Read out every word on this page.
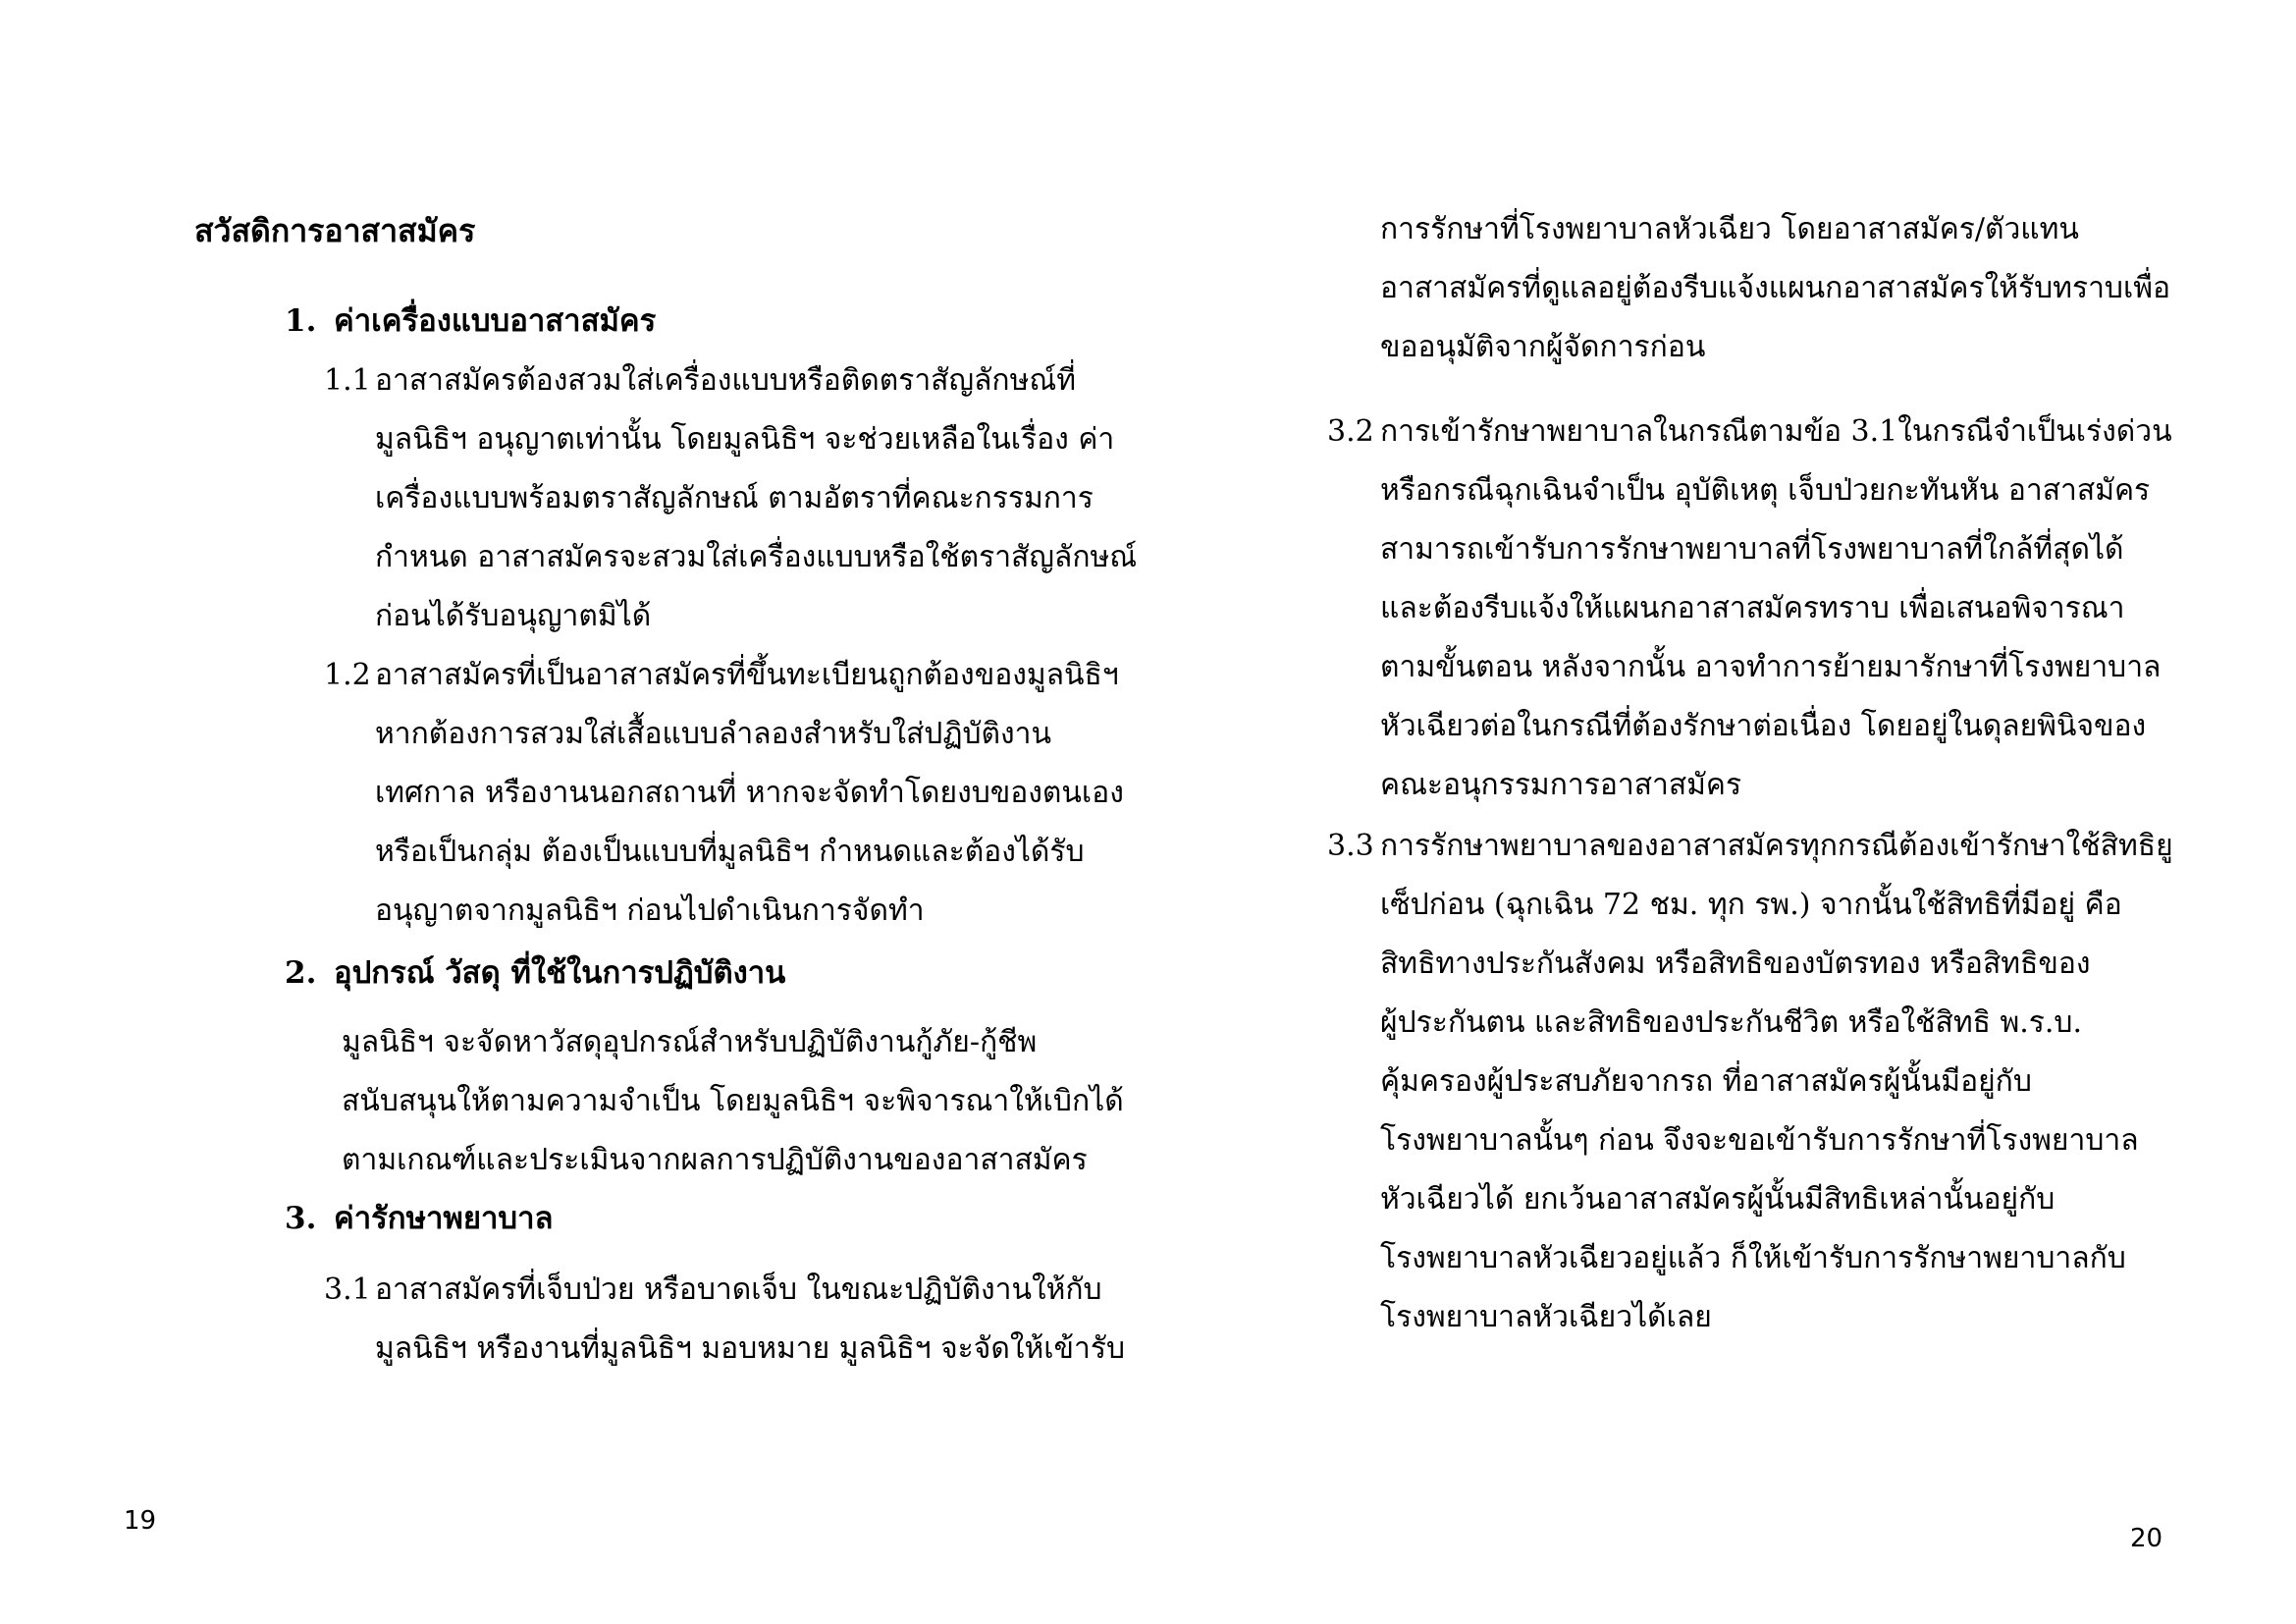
สวัสดิการอาสาสมัคร
1. ค่าเครื่องแบบอาสาสมัคร
1.1 อาสาสมัครต้องสวมใส่เครื่องแบบหรือติดตราสัญลักษณ์ที่
มูลนิธิฯ อนุญาตเท่านั้น โดยมูลนิธิฯ จะช่วยเหลือในเรื่อง ค่า
เครื่องแบบพร้อมตราสัญลักษณ์ ตามอัตราที่คณะกรรมการ
กำหนด อาสาสมัครจะสวมใส่เครื่องแบบหรือใช้ตราสัญลักษณ์
ก่อนได้รับอนุญาตมิได้
1.2 อาสาสมัครที่เป็นอาสาสมัครที่ขึ้นทะเบียนถูกต้องของมูลนิธิฯ
หากต้องการสวมใส่เสื้อแบบลำลองสำหรับใส่ปฏิบัติงาน
เทศกาล หรืองานนอกสถานที่ หากจะจัดทำโดยงบของตนเอง
หรือเป็นกลุ่ม ต้องเป็นแบบที่มูลนิธิฯ กำหนดและต้องได้รับ
อนุญาตจากมูลนิธิฯ ก่อนไปดำเนินการจัดทำ
2. อุปกรณ์ วัสดุ ที่ใช้ในการปฏิบัติงาน
มูลนิธิฯ จะจัดหาวัสดุอุปกรณ์สำหรับปฏิบัติงานกู้ภัย-กู้ชีพ
สนับสนุนให้ตามความจำเป็น โดยมูลนิธิฯ จะพิจารณาให้เบิกได้
ตามเกณฑ์และประเมินจากผลการปฏิบัติงานของอาสาสมัคร
3. ค่ารักษาพยาบาล
3.1 อาสาสมัครที่เจ็บป่วย หรือบาดเจ็บ ในขณะปฏิบัติงานให้กับ
มูลนิธิฯ หรืองานที่มูลนิธิฯ มอบหมาย มูลนิธิฯ จะจัดให้เข้ารับ
19
การรักษาที่โรงพยาบาลหัวเฉียว โดยอาสาสมัคร/ตัวแทน
อาสาสมัครที่ดูแลอยู่ต้องรีบแจ้งแผนกอาสาสมัครให้รับทราบเพื่อ
ขออนุมัติจากผู้จัดการก่อน
3.2 การเข้ารักษาพยาบาลในกรณีตามข้อ 3.1ในกรณีจำเป็นเร่งด่วน
หรือกรณีฉุกเฉินจำเป็น อุบัติเหตุ เจ็บป่วยกะทันหัน อาสาสมัคร
สามารถเข้ารับการรักษาพยาบาลที่โรงพยาบาลที่ใกล้ที่สุดได้
และต้องรีบแจ้งให้แผนกอาสาสมัครทราบ เพื่อเสนอพิจารณา
ตามขั้นตอน หลังจากนั้น อาจทำการย้ายมารักษาที่โรงพยาบาล
หัวเฉียวต่อในกรณีที่ต้องรักษาต่อเนื่อง โดยอยู่ในดุลยพินิจของ
คณะอนุกรรมการอาสาสมัคร
3.3 การรักษาพยาบาลของอาสาสมัครทุกกรณีต้องเข้ารักษาใช้สิทธิยู
เซ็ปก่อน (ฉุกเฉิน 72 ชม. ทุก รพ.) จากนั้นใช้สิทธิที่มีอยู่ คือ
สิทธิทางประกันสังคม หรือสิทธิของบัตรทอง หรือสิทธิของ
ผู้ประกันตน และสิทธิของประกันชีวิต หรือใช้สิทธิ พ.ร.บ.
คุ้มครองผู้ประสบภัยจากรถ ที่อาสาสมัครผู้นั้นมีอยู่กับ
โรงพยาบาลนั้นๆ ก่อน จึงจะขอเข้ารับการรักษาที่โรงพยาบาล
หัวเฉียวได้ ยกเว้นอาสาสมัครผู้นั้นมีสิทธิเหล่านั้นอยู่กับ
โรงพยาบาลหัวเฉียวอยู่แล้ว ก็ให้เข้ารับการรักษาพยาบาลกับ
โรงพยาบาลหัวเฉียวได้เลย
20
